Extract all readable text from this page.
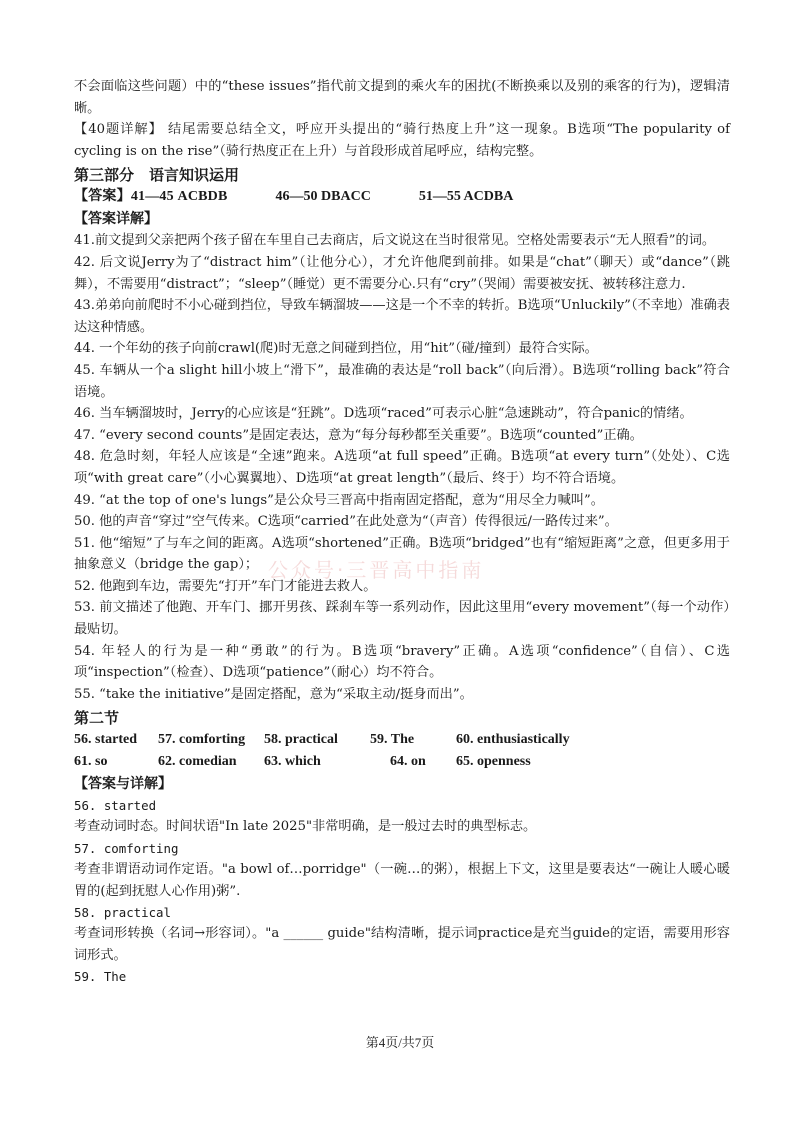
不会面临这些问题）中的“these issues”指代前文提到的乘火车的困扰(不断换乘以及别的乘客的行为)，逻辑清晰。

【40题详解】 结尾需要总结全文，呼应开头提出的“骑行热度上升”这一现象。B选项“The popularity of cycling is on the rise”（骑行热度正在上升）与首段形成首尾呼应，结构完整。

第三部分　语言知识运用

【答案】41—45 ACBDB	46—50 DBACC	51—55 ACDBA

【答案详解】

41.前文提到父亲把两个孩子留在车里自己去商店，后文说这在当时很常见。空格处需要表示“无人照看”的词。

42. 后文说Jerry为了“distract him”（让他分心），才允许他爬到前排。如果是“chat”（聊天）或“dance”（跳舞），不需要用“distract”；“sleep”（睡觉）更不需要分心.只有“cry”（哭闹）需要被安抚、被转移注意力.

43.弟弟向前爬时不小心碰到挡位，导致车辆溜坡——这是一个不幸的转折。B选项“Unluckily”（不幸地）准确表达这种情感。

44. 一个年幼的孩子向前crawl(爬)时无意之间碰到挡位，用“hit”（碰/撞到）最符合实际。

45. 车辆从一个a slight hill小坡上“滑下”，最准确的表达是“roll back”（向后滑）。B选项“rolling back”符合语境。

46. 当车辆溜坡时，Jerry的心应该是“狂跳”。D选项“raced”可表示心脏“急速跳动”，符合panic的情绪。

47. “every second counts”是固定表达，意为“每分每秒都至关重要”。B选项“counted”正确。

48. 危急时刻，年轻人应该是“全速”跑来。A选项“at full speed”正确。B选项“at every turn”（处处）、C选项“with great care”（小心翼翼地）、D选项“at great length”（最后、终于）均不符合语境。

49. “at the top of one's lungs”是公众号三晋高中指南固定搭配，意为“用尽全力喊叫”。

50. 他的声音“穿过”空气传来。C选项“carried”在此处意为“（声音）传得很远/一路传过来”。

51. 他“缩短”了与车之间的距离。A选项“shortened”正确。B选项“bridged”也有“缩短距离”之意，但更多用于抽象意义（bridge the gap）；

52. 他跑到车边，需要先“打开”车门才能进去救人。

53. 前文描述了他跑、开车门、挪开男孩、踩刹车等一系列动作，因此这里用“every movement”（每一个动作）最贴切。

54. 年轻人的行为是一种“勇敢”的行为。B选项“bravery”正确。A选项“confidence”（自信）、C选项“inspection”（检查）、D选项“patience”（耐心）均不符合。

55. “take the initiative”是固定搭配，意为“采取主动/挺身而出”。

第二节

56. started 57. comforting 58. practical 59. The	60. enthusiastically
61. so	62. comedian 63. which	64. on 65. openness

【答案与详解】

56. started

考查动词时态。时间状语"In late 2025"非常明确，是一般过去时的典型标志。

57. comforting

考查非谓语动词作定语。"a bowl of…porridge"（一碗…的粥），根据上下文，这里是要表达“一碗让人暖心暖胃的(起到抚慰人心作用)粥”.

58. practical

考查词形转换（名词→形容词）。"a ______ guide"结构清晰，提示词practice是充当guide的定语，需要用形容词形式。

59. The

公众号·三晋高中指南
第4页/共7页
